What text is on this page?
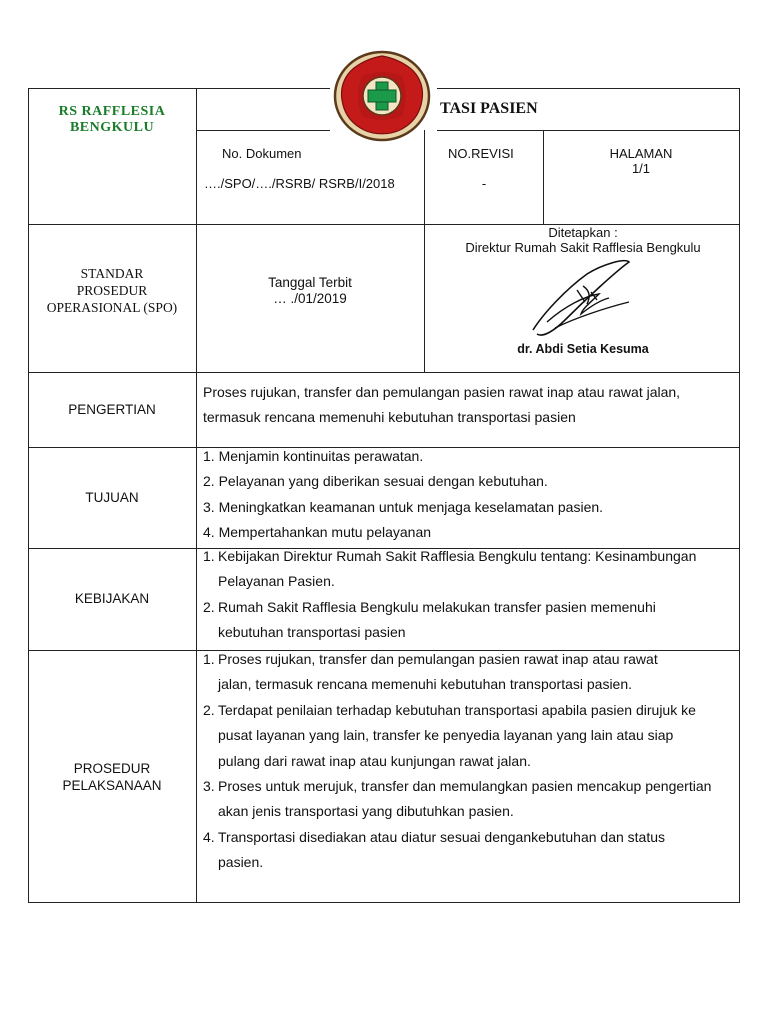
RS RAFFLESIA BENGKULU
TASI PASIEN
No. Dokumen
…./SPO/…./RSRB/ RSRB/I/2018
NO.REVISI
-
HALAMAN
1/1
STANDAR PROSEDUR OPERASIONAL (SPO)
Tanggal Terbit
… ./01/2019
Ditetapkan :
Direktur Rumah Sakit Rafflesia Bengkulu
dr. Abdi Setia Kesuma
PENGERTIAN
Proses rujukan, transfer dan pemulangan pasien rawat inap atau rawat jalan, termasuk rencana memenuhi kebutuhan transportasi pasien
TUJUAN
1. Menjamin kontinuitas perawatan.
2. Pelayanan yang diberikan sesuai dengan kebutuhan.
3. Meningkatkan keamanan untuk menjaga keselamatan pasien.
4. Mempertahankan mutu pelayanan
KEBIJAKAN
1. Kebijakan Direktur Rumah Sakit Rafflesia Bengkulu tentang: Kesinambungan Pelayanan Pasien.
2. Rumah Sakit Rafflesia Bengkulu melakukan transfer pasien memenuhi kebutuhan transportasi pasien
PROSEDUR PELAKSANAAN
1. Proses rujukan, transfer dan pemulangan pasien rawat inap atau rawat jalan, termasuk rencana memenuhi kebutuhan transportasi pasien.
2. Terdapat penilaian terhadap kebutuhan transportasi apabila pasien dirujuk ke pusat layanan yang lain, transfer ke penyedia layanan yang lain atau siap pulang dari rawat inap atau kunjungan rawat jalan.
3. Proses untuk merujuk, transfer dan memulangkan pasien mencakup pengertian akan jenis transportasi yang dibutuhkan pasien.
4. Transportasi disediakan atau diatur sesuai dengankebutuhan dan status pasien.
